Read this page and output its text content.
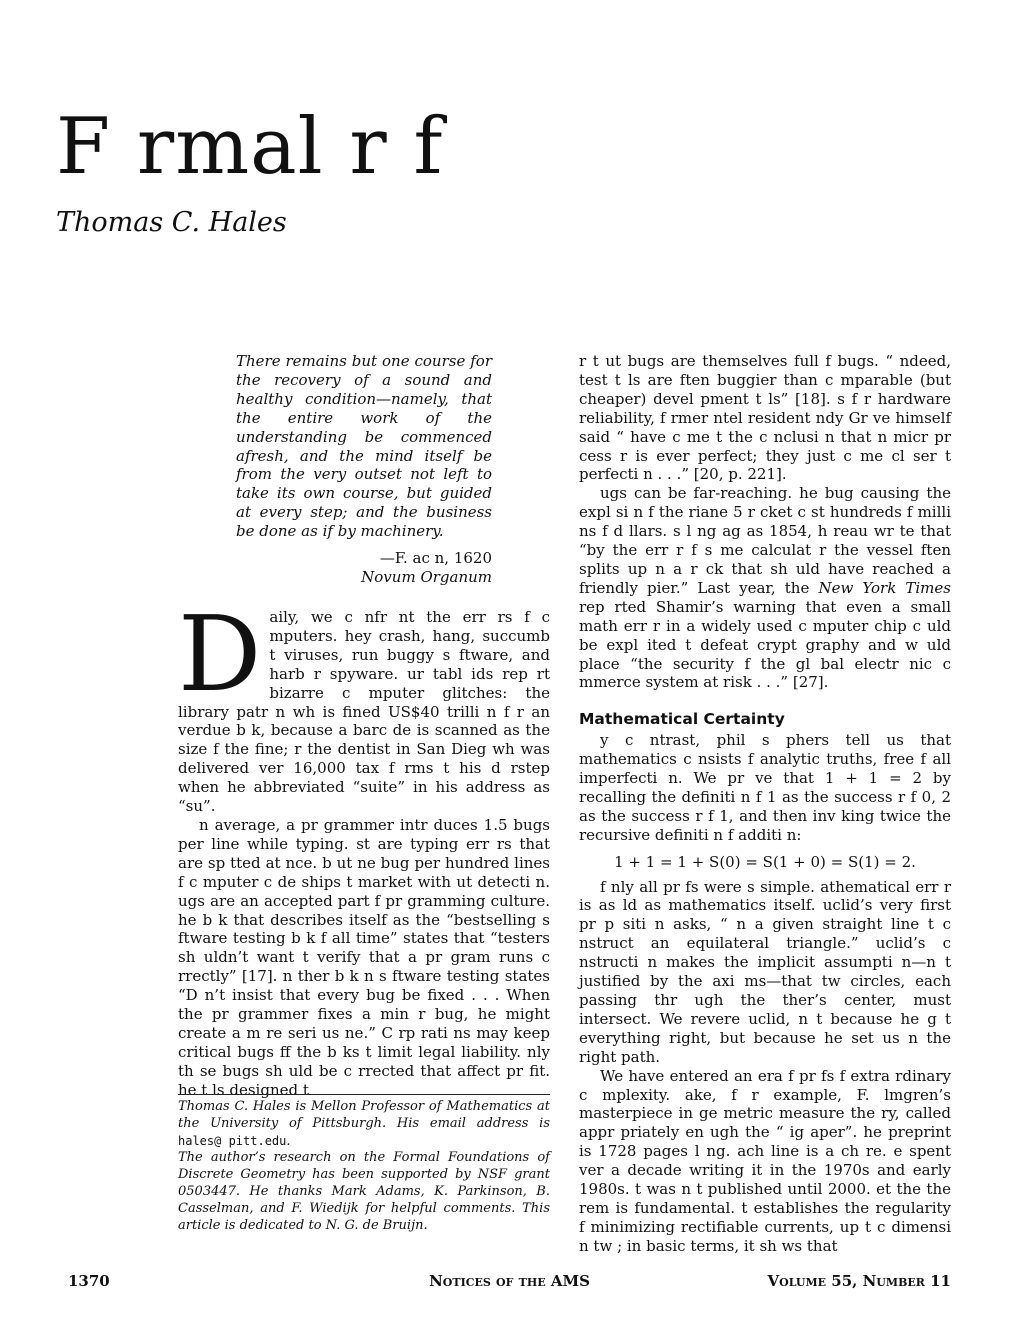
F rmal r f
Thomas C. Hales

There remains but one course for the recovery of a sound and healthy condition—namely, that the entire work of the understanding be commenced afresh, and the mind itself be from the very outset not left to take its own course, but guided at every step; and the business be done as if by machinery.

—F. ac n, 1620

Novum Organum

D aily, we c nfr nt the err rs f c mputers. hey crash, hang, succumb t viruses, run buggy s ftware, and harb r spyware. ur tabl ids rep rt bizarre c mputer glitches: the library patr n wh is fined US$40 trilli n f r an verdue b k, because a barc de is scanned as the size f the fine; r the dentist in San Dieg wh was delivered ver 16,000 tax f rms t his d rstep when he abbreviated “suite” in his address as “su”.

n average, a pr grammer intr duces 1.5 bugs per line while typing. st are typing err rs that are sp tted at nce. b ut ne bug per hundred lines f c mputer c de ships t market with ut detecti n. ugs are an accepted part f pr gramming culture. he b k that describes itself as the “bestselling s ftware testing b k f all time” states that “testers sh uldn’t want t verify that a pr gram runs c rrectly” [17]. n ther b k n s ftware testing states “D n’t insist that every bug be fixed . . . When the pr grammer fixes a min r bug, he might create a m re seri us ne.” C rp rati ns may keep critical bugs ff the b ks t limit legal liability. nly th se bugs sh uld be c rrected that affect pr fit. he t ls designed t

Thomas C. Hales is Mellon Professor of Mathematics at the University of Pittsburgh. His email address is hales@ pitt.edu.

The author’s research on the Formal Foundations of Discrete Geometry has been supported by NSF grant 0503447. He thanks Mark Adams, K. Parkinson, B. Casselman, and F. Wiedijk for helpful comments. This article is dedicated to N. G. de Bruijn.

r t ut bugs are themselves full f bugs. “ ndeed, test t ls are ften buggier than c mparable (but cheaper) devel pment t ls” [18]. s f r hardware reliability, f rmer ntel resident ndy Gr ve himself said “ have c me t the c nclusi n that n micr pr cess r is ever perfect; they just c me cl ser t perfecti n . . .” [20, p. 221].

ugs can be far-reaching. he bug causing the expl si n f the riane 5 r cket c st hundreds f milli ns f d llars. s l ng ag as 1854, h reau wr te that “by the err r f s me calculat r the vessel ften splits up n a r ck that sh uld have reached a friendly pier.” Last year, the New York Times rep rted Shamir’s warning that even a small math err r in a widely used c mputer chip c uld be expl ited t defeat crypt graphy and w uld place “the security f the gl bal electr nic c mmerce system at risk . . .” [27].

Mathematical Certainty

y c ntrast, phil s phers tell us that mathematics c nsists f analytic truths, free f all imperfecti n. We pr ve that 1 + 1 = 2 by recalling the definiti n f 1 as the success r f 0, 2 as the success r f 1, and then inv king twice the recursive definiti n f additi n:

1 + 1 = 1 + S(0) = S(1 + 0) = S(1) = 2.

f nly all pr fs were s simple. athematical err r is as ld as mathematics itself. uclid’s very first pr p siti n asks, “ n a given straight line t c nstruct an equilateral triangle.” uclid’s c nstructi n makes the implicit assumpti n—n t justified by the axi ms—that tw circles, each passing thr ugh the ther’s center, must intersect. We revere uclid, n t because he g t everything right, but because he set us n the right path.

We have entered an era f pr fs f extra rdinary c mplexity. ake, f r example, F. lmgren’s masterpiece in ge metric measure the ry, called appr priately en ugh the “ ig aper”. he preprint is 1728 pages l ng. ach line is a ch re. e spent ver a decade writing it in the 1970s and early 1980s. t was n t published until 2000. et the the rem is fundamental. t establishes the regularity f minimizing rectifiable currents, up t c dimensi n tw ; in basic terms, it sh ws that

1370	Notices of the AMS	Volume 55, Number 11
